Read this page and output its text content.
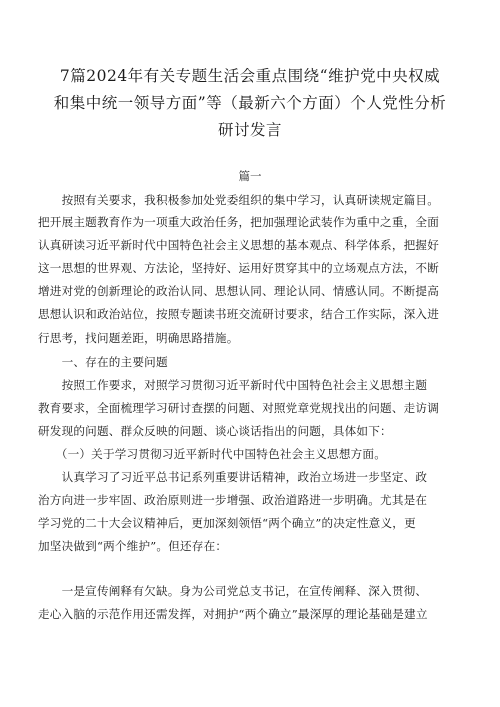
7篇2024年有关专题生活会重点围绕“维护党中央权威
和集中统一领导方面”等（最新六个方面）个人党性分析
研讨发言
篇一
　　按照有关要求，我积极参加处党委组织的集中学习，认真研读规定篇目。
把开展主题教育作为一项重大政治任务，把加强理论武装作为重中之重，全面
认真研读习近平新时代中国特色社会主义思想的基本观点、科学体系，把握好
这一思想的世界观、方法论，坚持好、运用好贯穿其中的立场观点方法，不断
增进对党的创新理论的政治认同、思想认同、理论认同、情感认同。不断提高
思想认识和政治站位，按照专题读书班交流研讨要求，结合工作实际，深入进
行思考，找问题差距，明确思路措施。
　　一、存在的主要问题
　　按照工作要求，对照学习贯彻习近平新时代中国特色社会主义思想主题
教育要求，全面梳理学习研讨查摆的问题、对照党章党规找出的问题、走访调
研发现的问题、群众反映的问题、谈心谈话指出的问题，具体如下：
　　（一）关于学习贯彻习近平新时代中国特色社会主义思想方面。
　　认真学习了习近平总书记系列重要讲话精神，政治立场进一步坚定、政
治方向进一步牢固、政治原则进一步增强、政治道路进一步明确。尤其是在
学习党的二十大会议精神后，更加深刻领悟“两个确立”的决定性意义，更
加坚决做到“两个维护”。但还存在：
　　一是宣传阐释有欠缺。身为公司党总支书记，在宣传阐释、深入贯彻、
走心入脑的示范作用还需发挥，对拥护“两个确立”最深厚的理论基础是建立
